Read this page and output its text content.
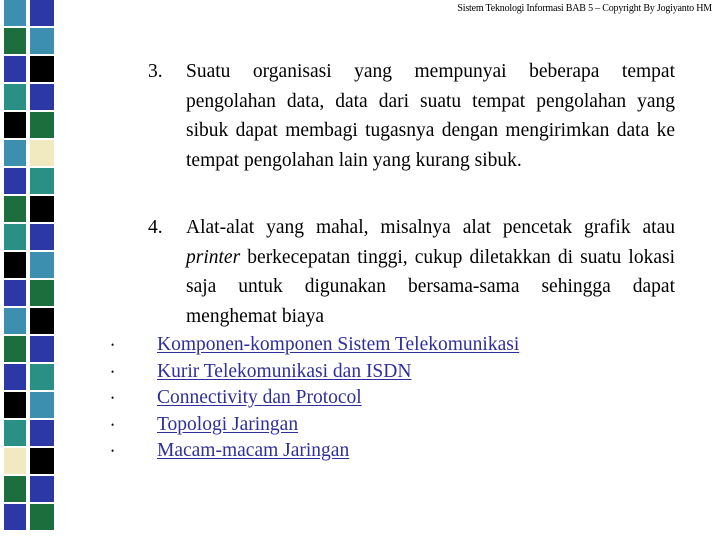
Sistem Teknologi Informasi BAB 5 – Copyright By Jogiyanto HM
3. Suatu organisasi yang mempunyai beberapa tempat pengolahan data, data dari suatu tempat pengolahan yang sibuk dapat membagi tugasnya dengan mengirimkan data ke tempat pengolahan lain yang kurang sibuk.
4. Alat-alat yang mahal, misalnya alat pencetak grafik atau printer berkecepatan tinggi, cukup diletakkan di suatu lokasi saja untuk digunakan bersama-sama sehingga dapat menghemat biaya
• Komponen-komponen Sistem Telekomunikasi
• Kurir Telekomunikasi dan ISDN
• Connectivity dan Protocol
• Topologi Jaringan
• Macam-macam Jaringan
